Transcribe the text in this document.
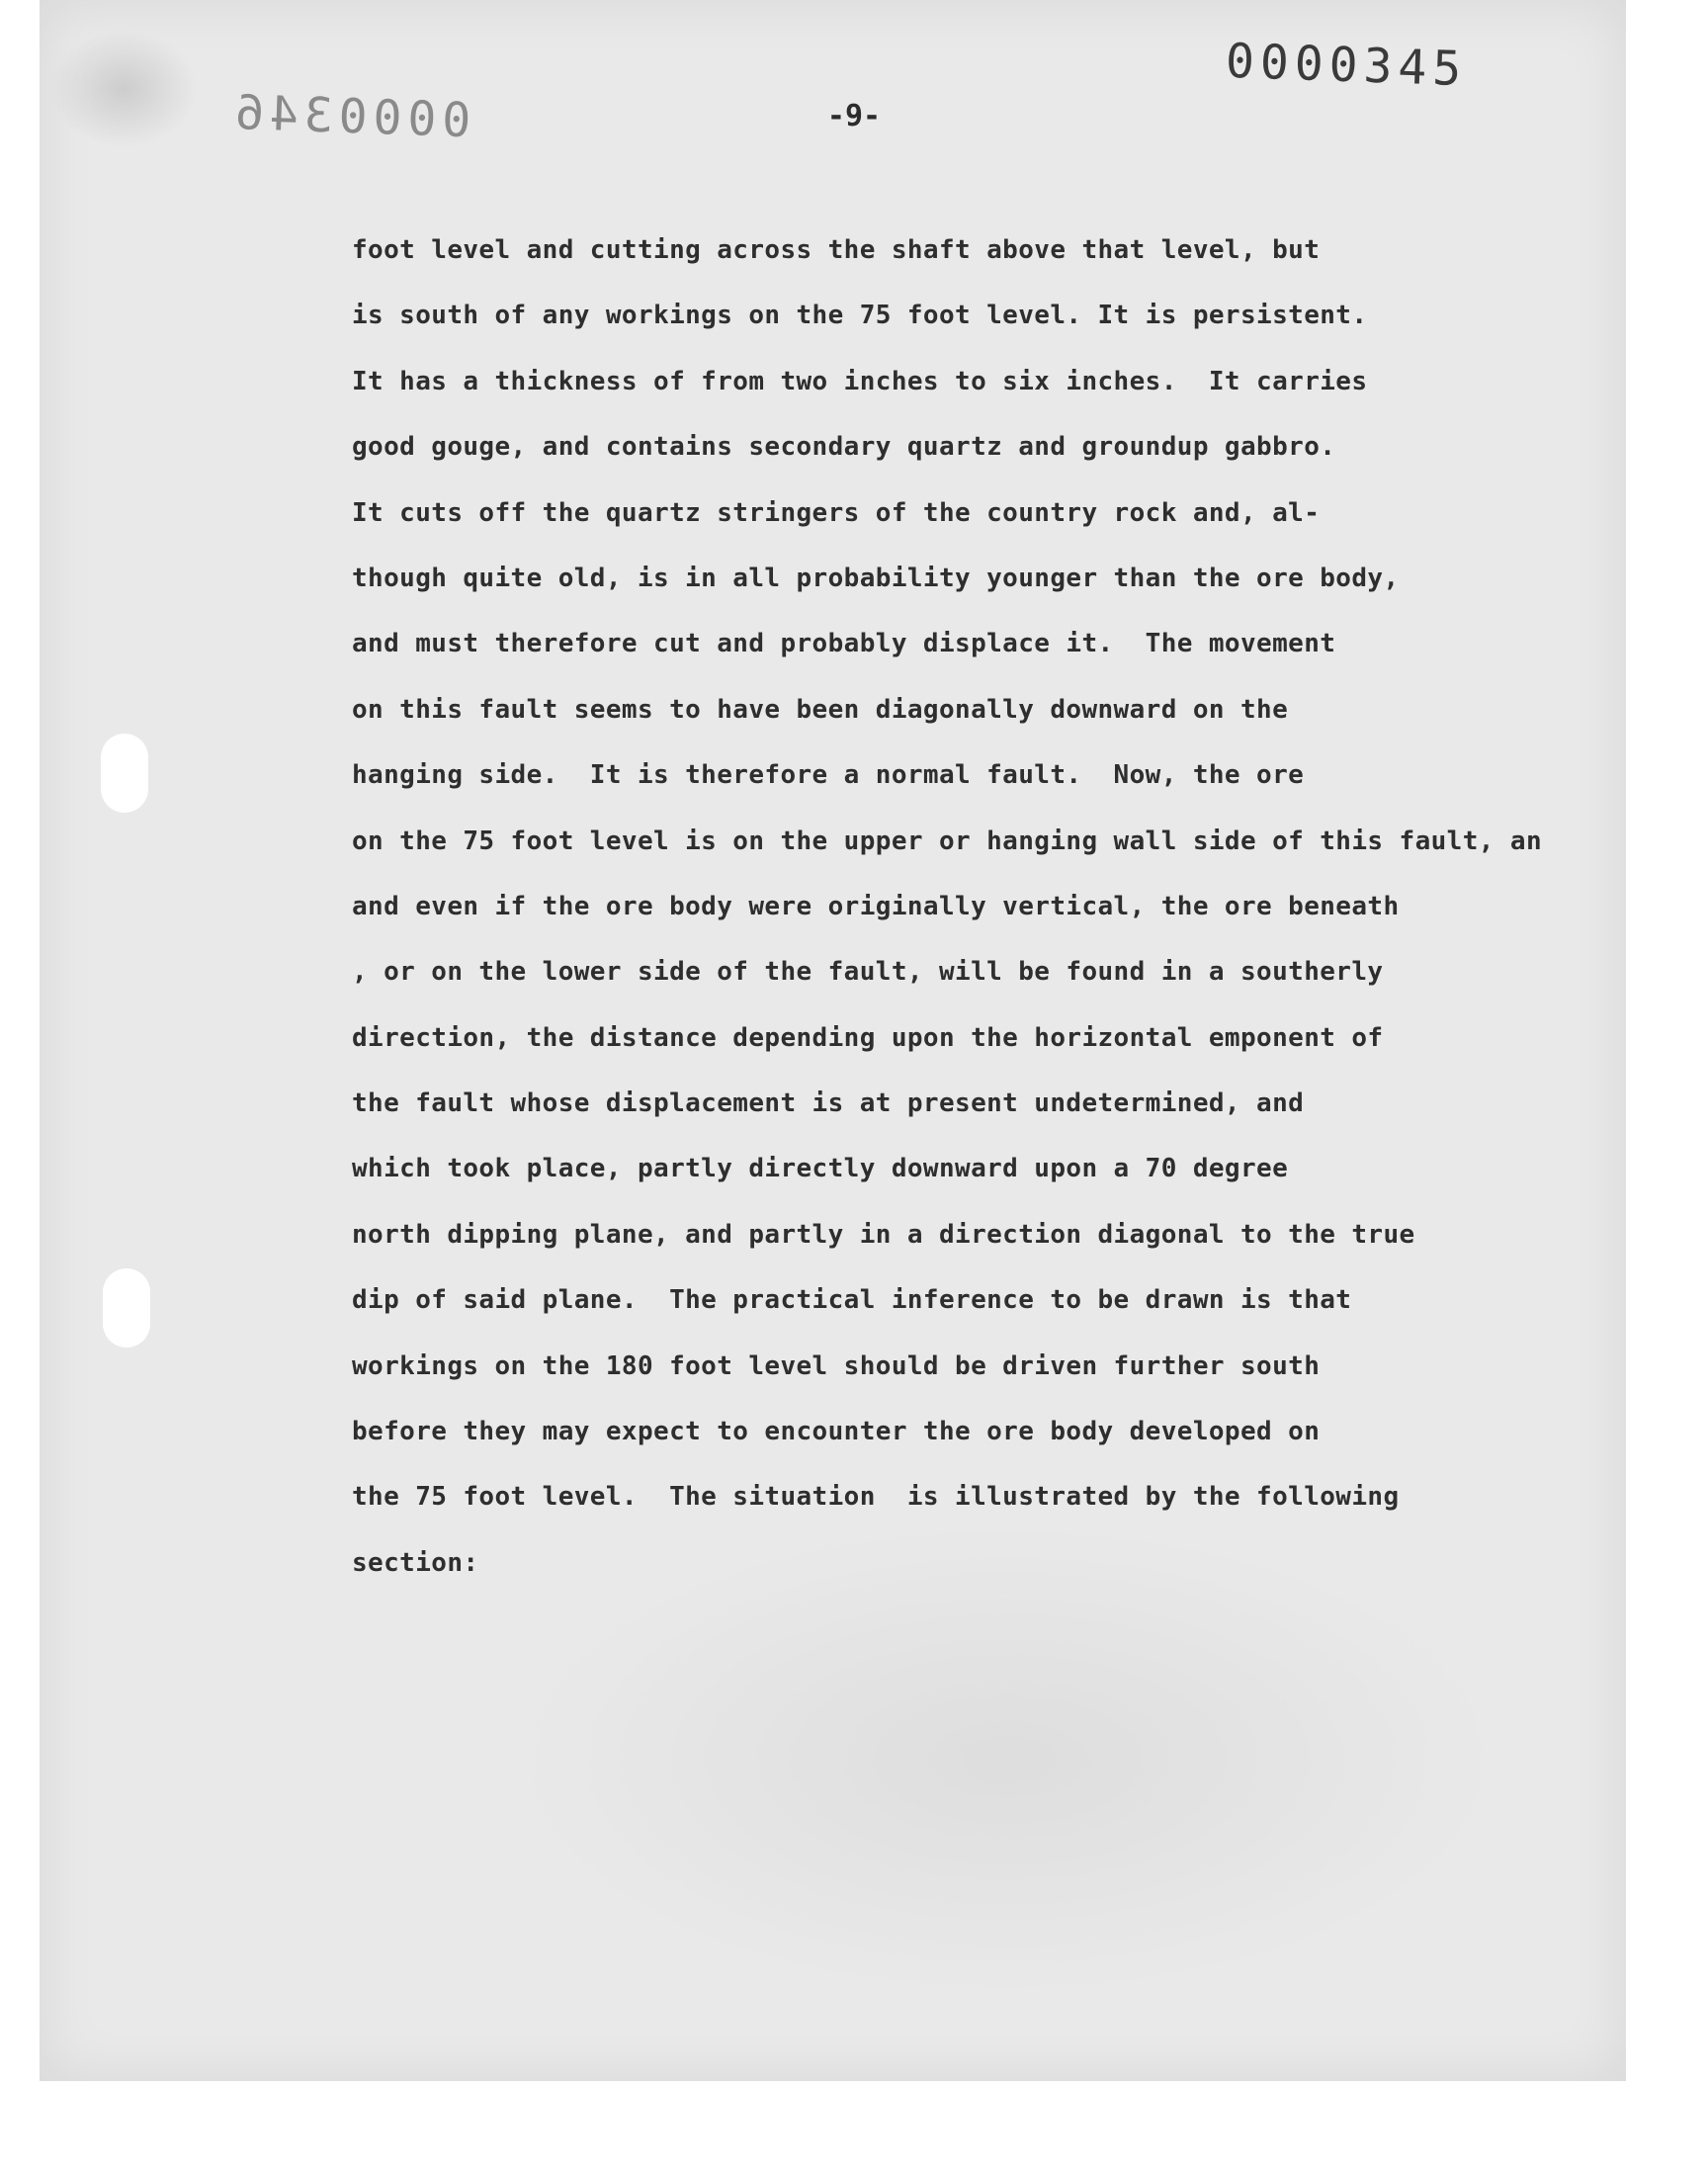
0000345
0000346	-9-
foot level and cutting across the shaft above that level, but
is south of any workings on the 75 foot level. It is persistent.
It has a thickness of from two inches to six inches.  It carries
good gouge, and contains secondary quartz and groundup gabbro.
It cuts off the quartz stringers of the country rock and, al-
though quite old, is in all probability younger than the ore body,
and must therefore cut and probably displace it.  The movement
on this fault seems to have been diagonally downward on the
hanging side.  It is therefore a normal fault.  Now, the ore
on the 75 foot level is on the upper or hanging wall side of this fault, an
and even if the ore body were originally vertical, the ore beneath
, or on the lower side of the fault, will be found in a southerly
direction, the distance depending upon the horizontal emponent of
the fault whose displacement is at present undetermined, and
which took place, partly directly downward upon a 70 degree
north dipping plane, and partly in a direction diagonal to the true
dip of said plane.  The practical inference to be drawn is that
workings on the 180 foot level should be driven further south
before they may expect to encounter the ore body developed on
the 75 foot level.  The situation  is illustrated by the following
section:
